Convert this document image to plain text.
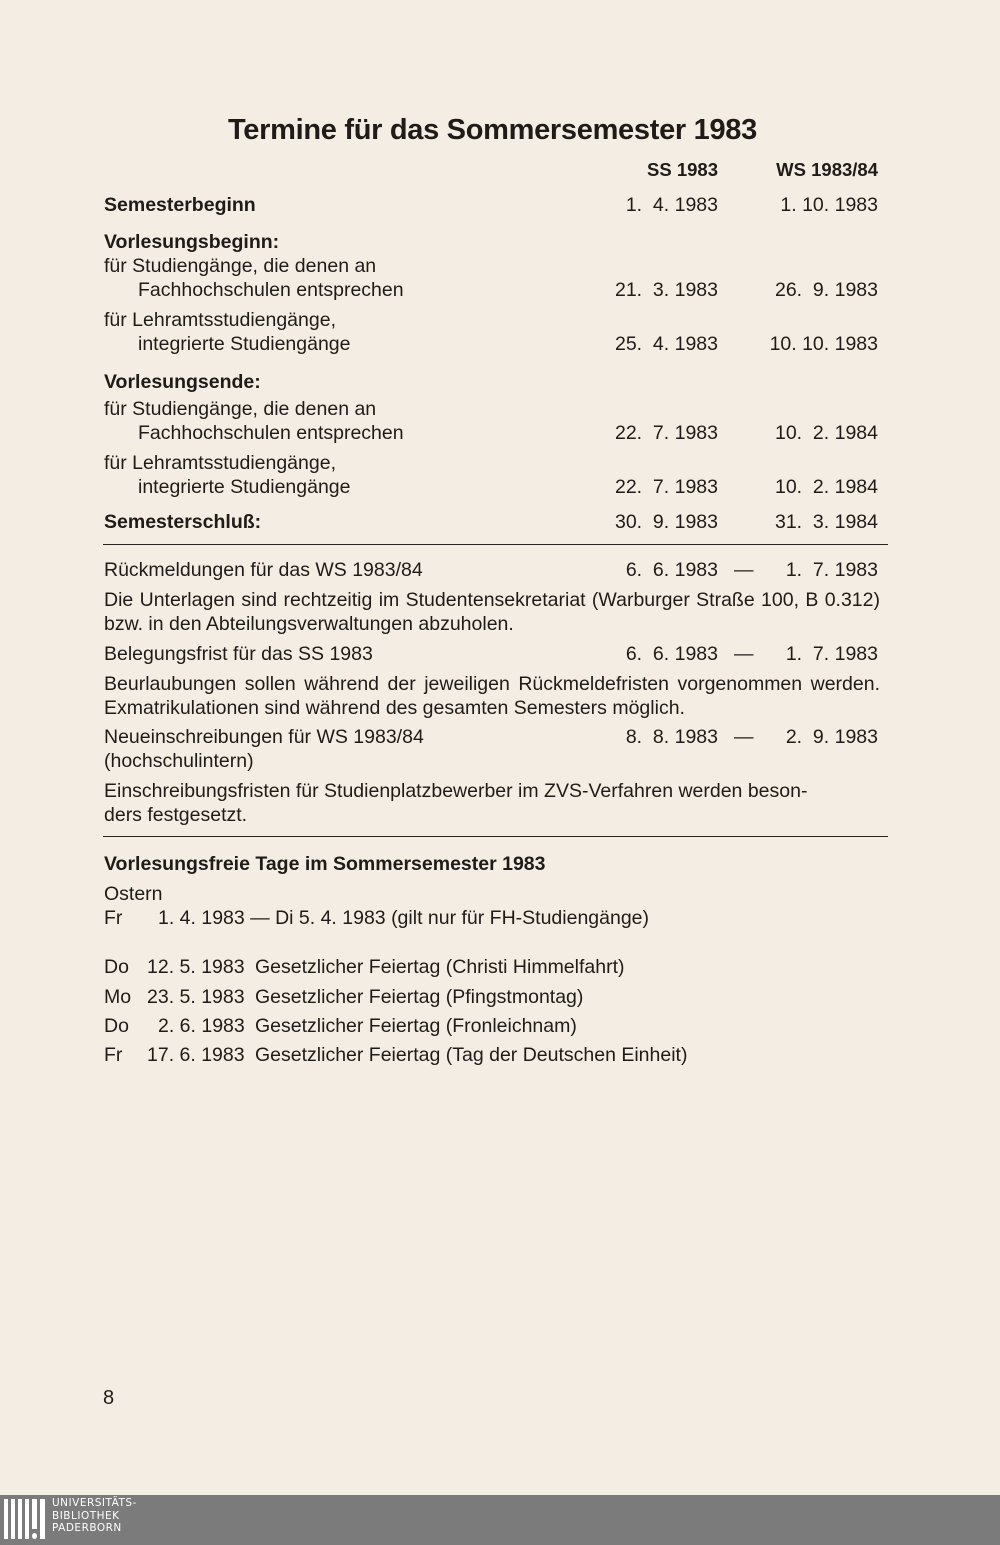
Termine für das Sommersemester 1983
SS 1983	WS 1983/84
Semesterbeginn	1.  4. 1983	1. 10. 1983
Vorlesungsbeginn:
für Studiengänge, die denen an
Fachhochschulen entsprechen	21.  3. 1983	26.  9. 1983
für Lehramtsstudiengänge,
integrierte Studiengänge	25.  4. 1983	10. 10. 1983
Vorlesungsende:
für Studiengänge, die denen an
Fachhochschulen entsprechen	22.  7. 1983	10.  2. 1984
für Lehramtsstudiengänge,
integrierte Studiengänge	22.  7. 1983	10.  2. 1984
Semesterschluß:	30.  9. 1983	31.  3. 1984
Rückmeldungen für das WS 1983/84	6.  6. 1983 —	1.  7. 1983
Die Unterlagen sind rechtzeitig im Studentensekretariat (Warburger Straße 100, B 0.312) bzw. in den Abteilungsverwaltungen abzuholen.
Belegungsfrist für das SS 1983	6.  6. 1983 —	1.  7. 1983
Beurlaubungen sollen während der jeweiligen Rückmeldefristen vorgenommen werden. Exmatrikulationen sind während des gesamten Semesters möglich.
Neueinschreibungen für WS 1983/84	8.  8. 1983 —	2.  9. 1983
(hochschulintern)
Einschreibungsfristen für Studienplatzbewerber im ZVS-Verfahren werden beson-
ders festgesetzt.
Vorlesungsfreie Tage im Sommersemester 1983
Ostern
Fr 1. 4. 1983 — Di 5. 4. 1983 (gilt nur für FH-Studiengänge)
Do 12. 5. 1983 Gesetzlicher Feiertag (Christi Himmelfahrt)
Mo 23. 5. 1983 Gesetzlicher Feiertag (Pfingstmontag)
Do 2. 6. 1983 Gesetzlicher Feiertag (Fronleichnam)
Fr 17. 6. 1983 Gesetzlicher Feiertag (Tag der Deutschen Einheit)
8
UNIVERSITÄTS-
BIBLIOTHEK
PADERBORN
